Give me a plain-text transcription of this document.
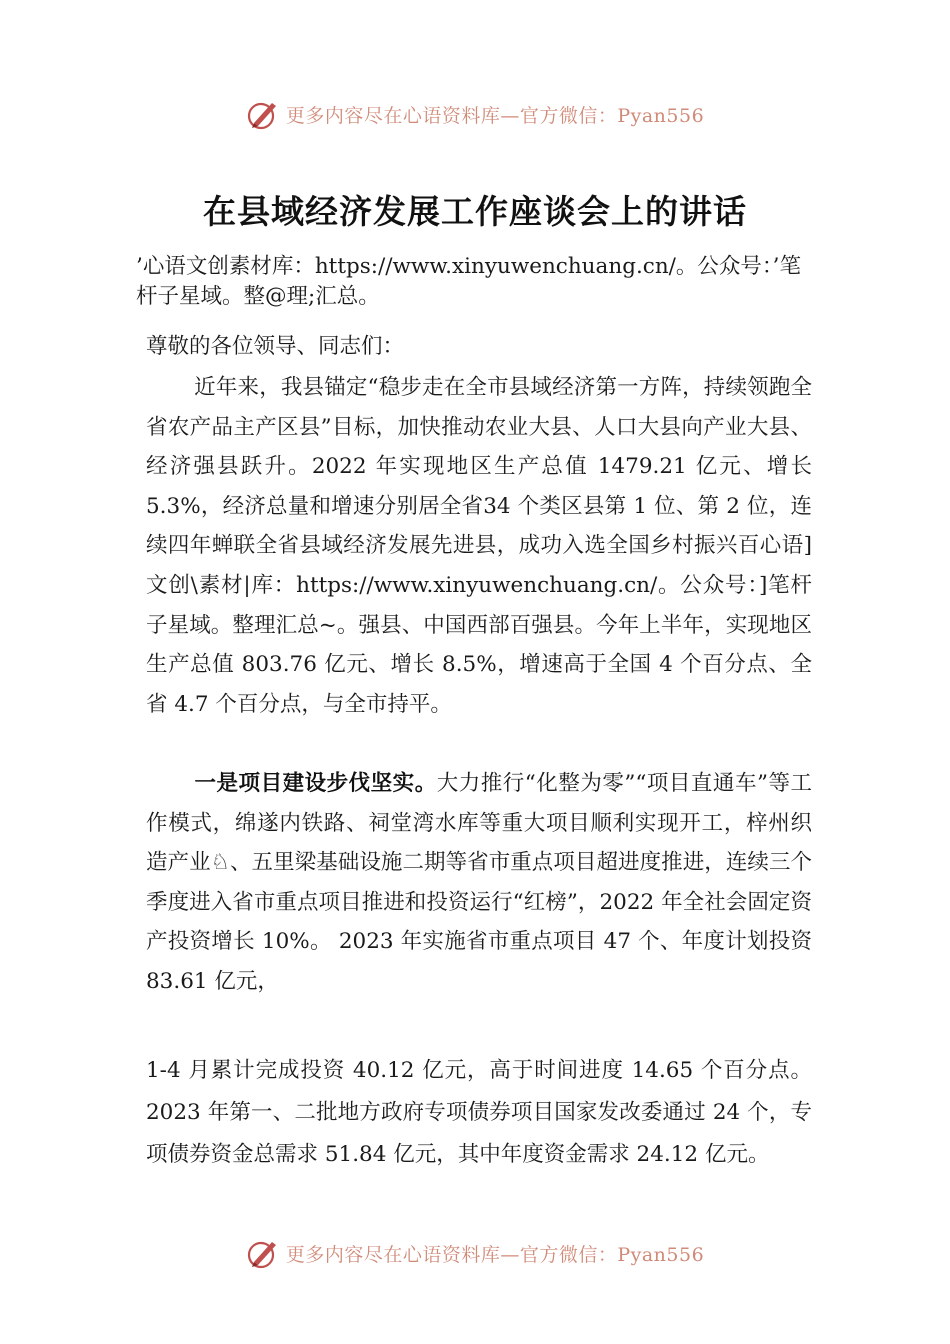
更多内容尽在心语资料库—官方微信：Pyan556
在县域经济发展工作座谈会上的讲话
’心语文创素材库：https://www.xinyuwenchuang.cn/。公众号：’笔杆子星域。整@理;汇总。
尊敬的各位领导、同志们：

近年来，我县锚定“稳步走在全市县域经济第一方阵，持续领跑全省农产品主产区县”目标，加快推动农业大县、人口大县向产业大县、经济强县跃升。2022 年实现地区生产总值 1479.21 亿元、增长 5.3%，经济总量和增速分别居全省34 个类区县第 1 位、第 2 位，连续四年蝉联全省县域经济发展先进县，成功入选全国乡村振兴百心语]文创\素材|库：https://www.xinyuwenchuang.cn/。公众号：]笔杆子星域。整理汇总~。强县、中国西部百强县。今年上半年，实现地区生产总值 803.76 亿元、增长 8.5%，增速高于全国 4 个百分点、全省 4.7 个百分点，与全市持平。

一是项目建设步伐坚实。大力推行“化整为零”“项目直通车”等工作模式，绵遂内铁路、祠堂湾水库等重大项目顺利实现开工，梓州织造产业♘、五里梁基础设施二期等省市重点项目超进度推进，连续三个季度进入省市重点项目推进和投资运行“红榜”，2022 年全社会固定资产投资增长 10%。 2023 年实施省市重点项目 47 个、年度计划投资 83.61 亿元，

1-4 月累计完成投资 40.12 亿元，高于时间进度 14.65 个百分点。2023 年第一、二批地方政府专项债券项目国家发改委通过 24 个，专项债券资金总需求 51.84 亿元，其中年度资金需求 24.12 亿元。

更多内容尽在心语资料库—官方微信：Pyan556
